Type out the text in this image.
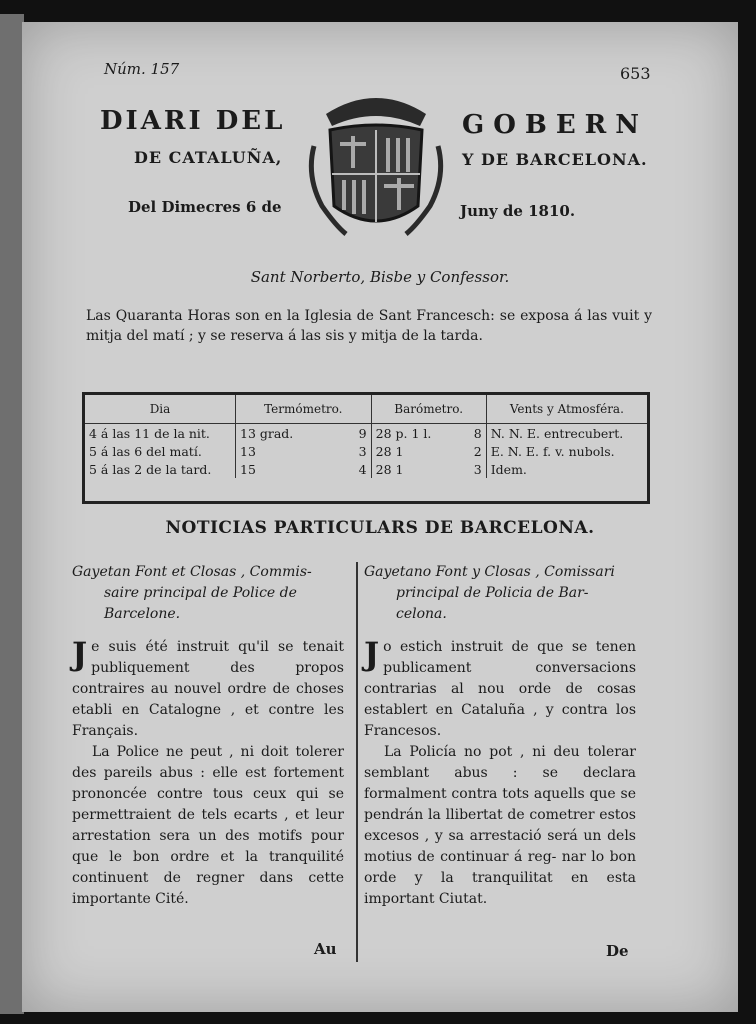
Núm. 157	653
DIARI DEL	GOBERN
DE CATALUÑA,	Y DE BARCELONA.
Del Dimecres 6 de	Juny de 1810.
Sant Norberto, Bisbe y Confessor.
Las Quaranta Horas son en la Iglesia de Sant Francesch: se exposa á las vuit y mitja del matí ; y se reserva á las sis y mitja de la tarda.
Dia	Termómetro.		Barómetro.		Vents y Atmosféra.
4 á las 11 de la nit.	13 grad.	9	28 p. 1 l.	8	N. N. E. entrecubert.
5 á las 6 del matí.	13	3	28 1	2	E. N. E. f. v. nubols.
5 á las 2 de la tard.	15	4	28 1	3	Idem.
NOTICIAS PARTICULARS DE BARCELONA.
Gayetan Font et Closas , Commis-
saire principal de Police de
Barcelone.

Je suis été instruit qu'il se tenait publiquement des propos contraires au nouvel ordre de choses etabli en Catalogne , et contre les Français.

La Police ne peut , ni doit tolerer des pareils abus : elle est fortement prononcée contre tous ceux qui se permettraient de tels ecarts , et leur arrestation sera un des motifs pour que le bon ordre et la tranquilité continuent de regner dans cette importante Cité.

Gayetano Font y Closas , Comissari
principal de Policia de Bar-
celona.

Jo estich instruit de que se tenen publicament conversacions contrarias al nou orde de cosas establert en Cataluña , y contra los Francesos.

La Policía no pot , ni deu tolerar semblant abus : se declara formalment contra tots aquells que se pendrán la llibertat de cometrer estos excesos , y sa arrestació será un dels motius de continuar á reg- nar lo bon orde y la tranquilitat en esta important Ciutat.

Au	De
